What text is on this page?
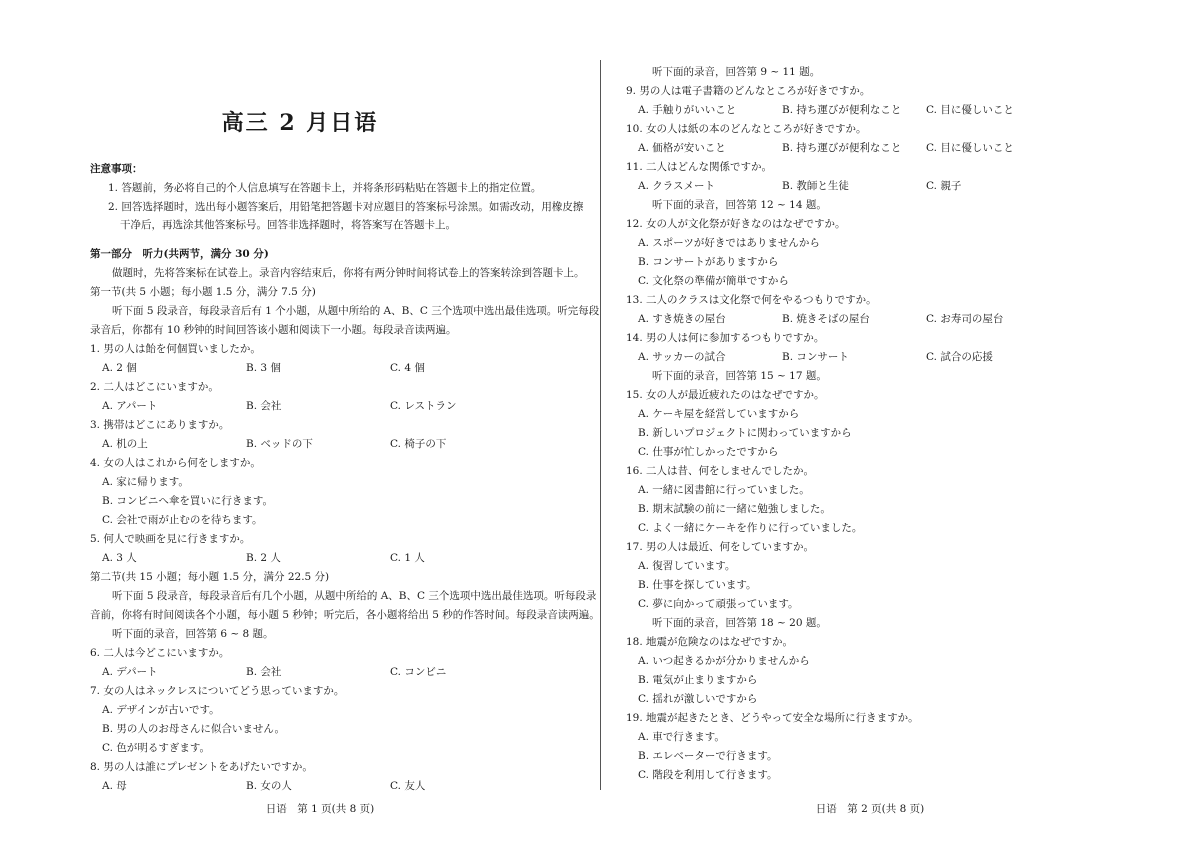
高三 2 月日语
注意事项：
1. 答题前，务必将自己的个人信息填写在答题卡上，并将条形码粘贴在答题卡上的指定位置。
2. 回答选择题时，选出每小题答案后，用铅笔把答题卡对应题目的答案标号涂黑。如需改动，用橡皮擦
干净后，再选涂其他答案标号。回答非选择题时，将答案写在答题卡上。
第一部分　听力(共两节，满分 30 分)
做题时，先将答案标在试卷上。录音内容结束后，你将有两分钟时间将试卷上的答案转涂到答题卡上。
第一节(共 5 小题；每小题 1.5 分，满分 7.5 分)
听下面 5 段录音，每段录音后有 1 个小题，从题中所给的 A、B、C 三个选项中选出最佳选项。听完每段
录音后，你都有 10 秒钟的时间回答该小题和阅读下一小题。每段录音读两遍。
1. 男の人は飴を何個買いましたか。
A. 2 個	B. 3 個	C. 4 個
2. 二人はどこにいますか。
A. アパート	B. 会社	C. レストラン
3. 携帯はどこにありますか。
A. 机の上	B. ベッドの下	C. 椅子の下
4. 女の人はこれから何をしますか。
A. 家に帰ります。
B. コンビニへ傘を買いに行きます。
C. 会社で雨が止むのを待ちます。
5. 何人で映画を見に行きますか。
A. 3 人	B. 2 人	C. 1 人
第二节(共 15 小题；每小题 1.5 分，满分 22.5 分)
听下面 5 段录音，每段录音后有几个小题，从题中所给的 A、B、C 三个选项中选出最佳选项。听每段录
音前，你将有时间阅读各个小题，每小题 5 秒钟；听完后，各小题将给出 5 秒的作答时间。每段录音读两遍。
听下面的录音，回答第 6 ~ 8 题。
6. 二人は今どこにいますか。
A. デパート	B. 会社	C. コンビニ
7. 女の人はネックレスについてどう思っていますか。
A. デザインが古いです。
B. 男の人のお母さんに似合いません。
C. 色が明るすぎます。
8. 男の人は誰にプレゼントをあげたいですか。
A. 母	B. 女の人	C. 友人
日语　第 1 页(共 8 页)
听下面的录音，回答第 9 ~ 11 题。
9. 男の人は電子書籍のどんなところが好きですか。
A. 手触りがいいこと	B. 持ち運びが便利なこと	C. 目に優しいこと
10. 女の人は紙の本のどんなところが好きですか。
A. 価格が安いこと	B. 持ち運びが便利なこと	C. 目に優しいこと
11. 二人はどんな関係ですか。
A. クラスメート	B. 教師と生徒	C. 親子
听下面的录音，回答第 12 ~ 14 题。
12. 女の人が文化祭が好きなのはなぜですか。
A. スポーツが好きではありませんから
B. コンサートがありますから
C. 文化祭の準備が簡単ですから
13. 二人のクラスは文化祭で何をやるつもりですか。
A. すき焼きの屋台	B. 焼きそばの屋台	C. お寿司の屋台
14. 男の人は何に参加するつもりですか。
A. サッカーの試合	B. コンサート	C. 試合の応援
听下面的录音，回答第 15 ~ 17 题。
15. 女の人が最近疲れたのはなぜですか。
A. ケーキ屋を経営していますから
B. 新しいプロジェクトに関わっていますから
C. 仕事が忙しかったですから
16. 二人は昔、何をしませんでしたか。
A. 一緒に図書館に行っていました。
B. 期末試験の前に一緒に勉強しました。
C. よく一緒にケーキを作りに行っていました。
17. 男の人は最近、何をしていますか。
A. 復習しています。
B. 仕事を探しています。
C. 夢に向かって頑張っています。
听下面的录音，回答第 18 ~ 20 题。
18. 地震が危険なのはなぜですか。
A. いつ起きるかが分かりませんから
B. 電気が止まりますから
C. 揺れが激しいですから
19. 地震が起きたとき、どうやって安全な場所に行きますか。
A. 車で行きます。
B. エレベーターで行きます。
C. 階段を利用して行きます。
日语　第 2 页(共 8 页)
